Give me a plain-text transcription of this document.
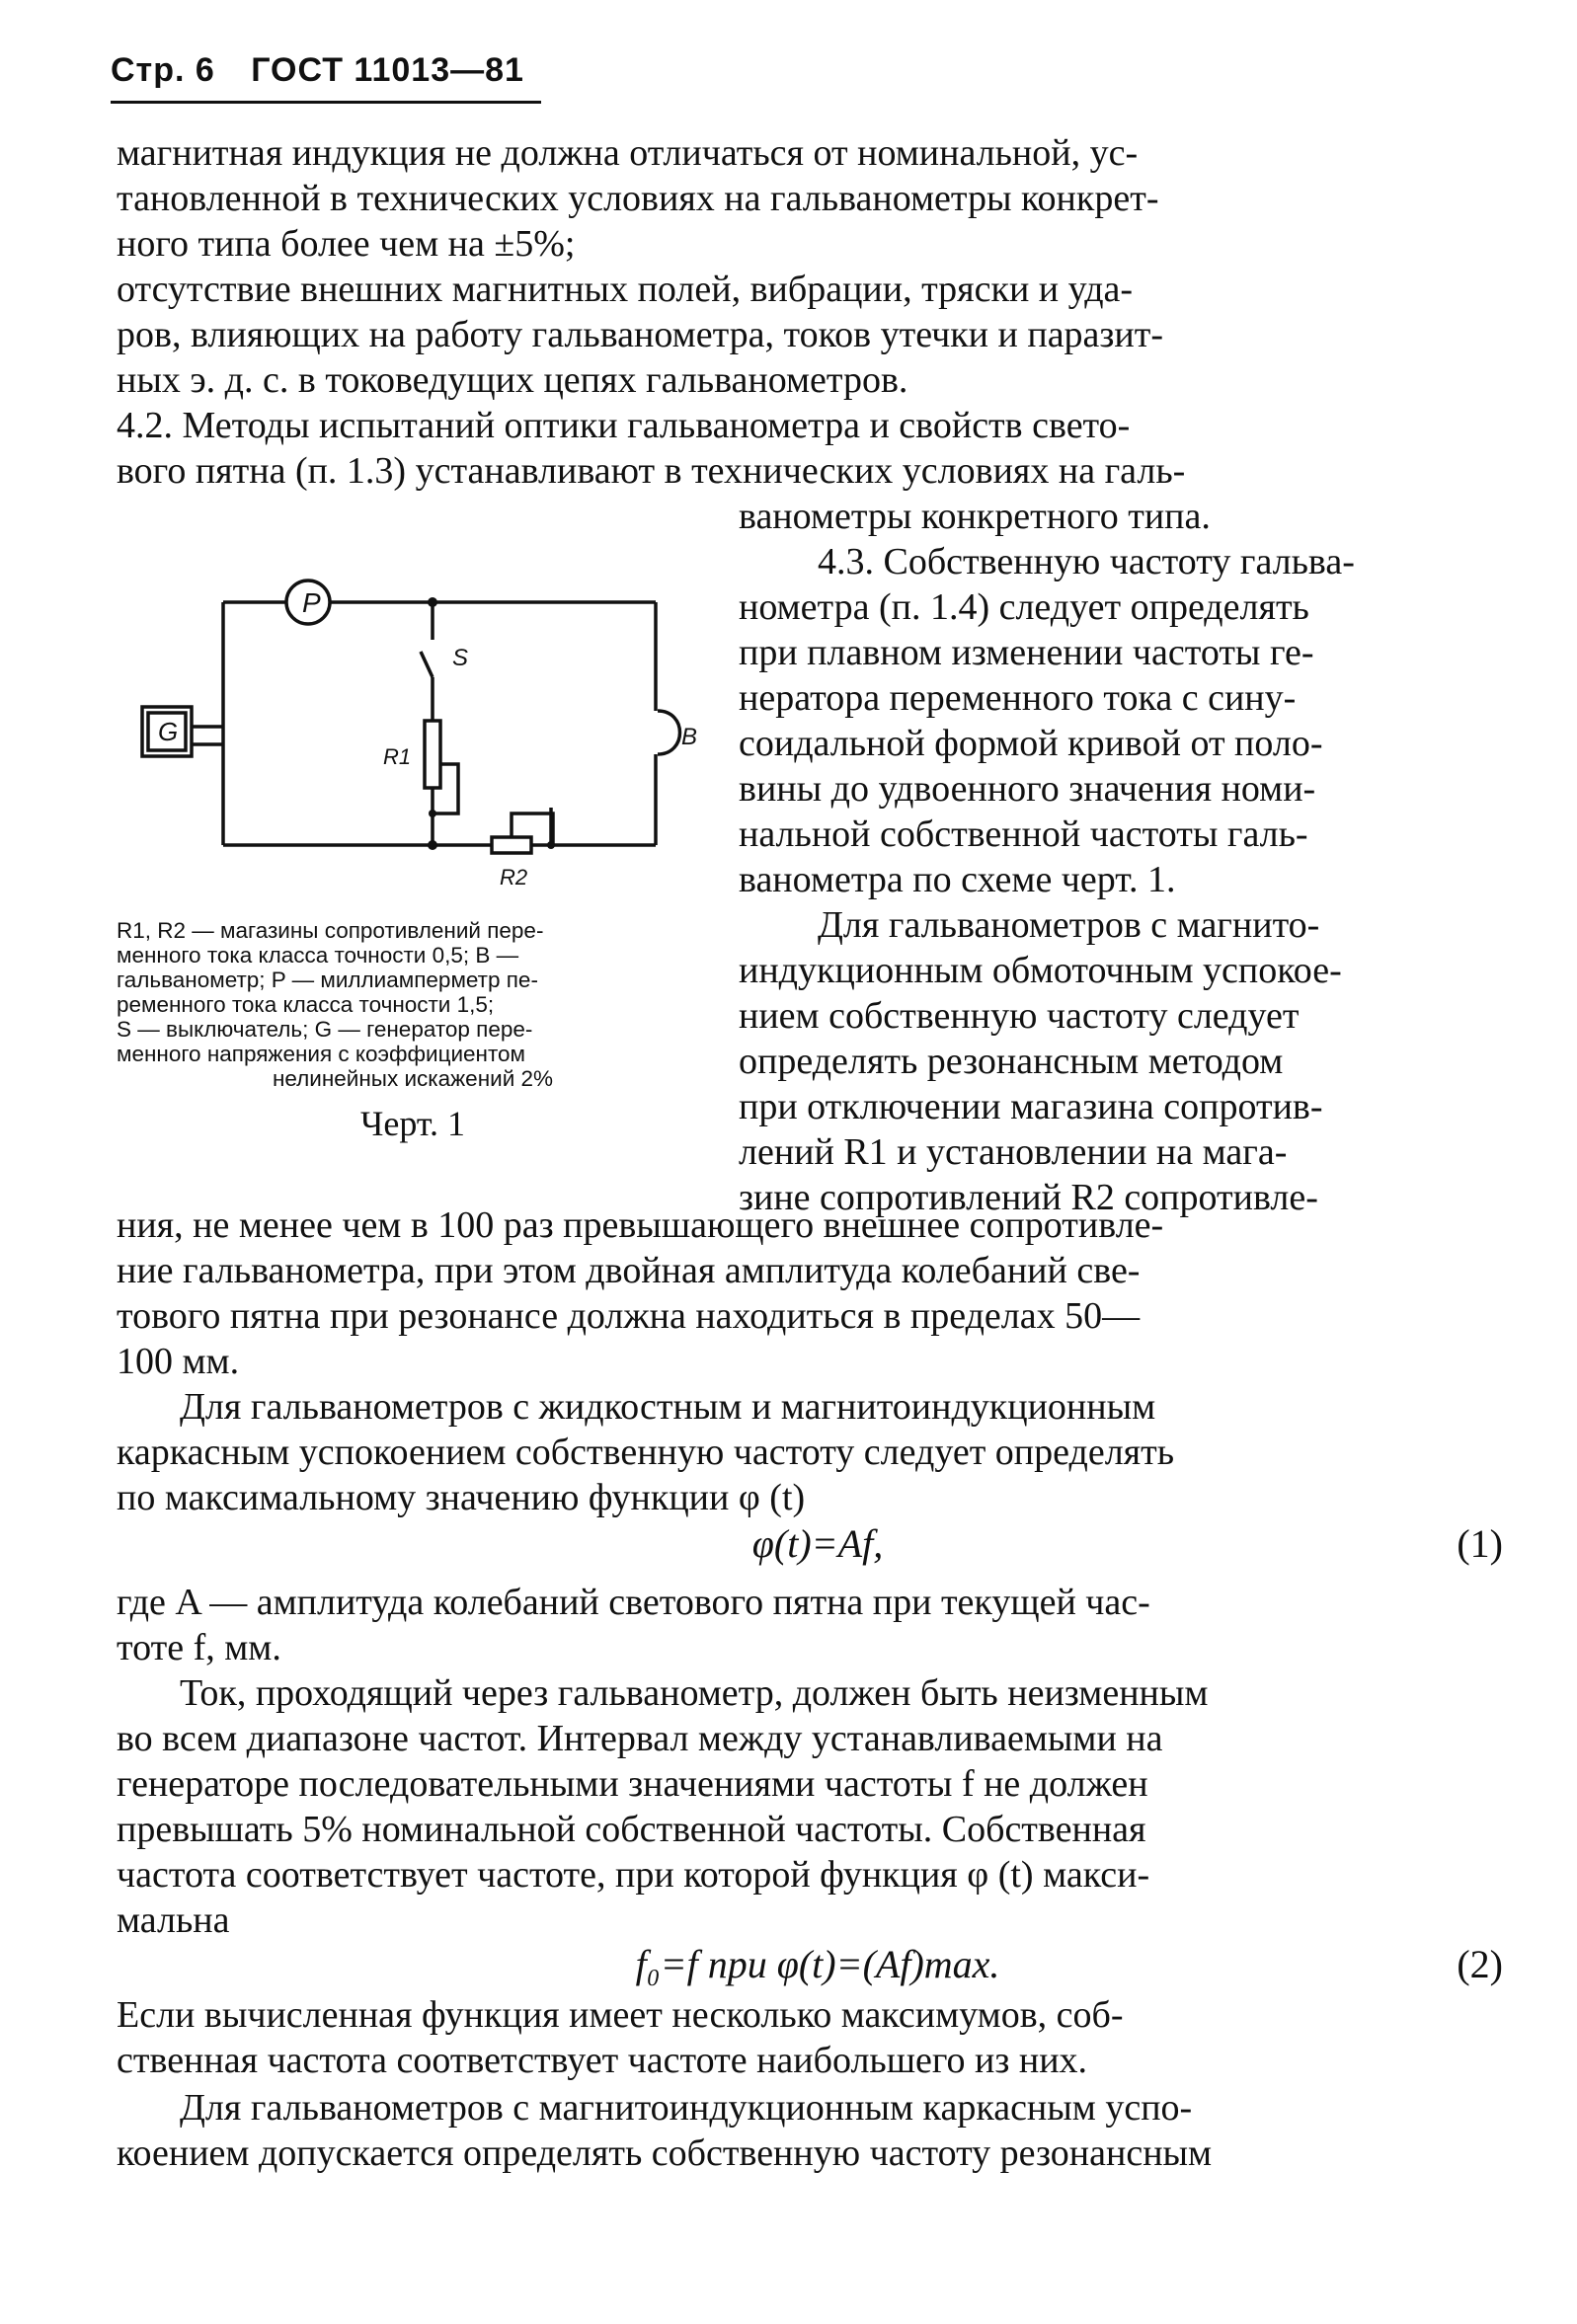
Стр. 6 ГОСТ 11013—81
магнитная индукция не должна отличаться от номинальной, ус-
тановленной в технических условиях на гальванометры конкрет-
ного типа более чем на ±5%;
отсутствие внешних магнитных полей, вибрации, тряски и уда-
ров, влияющих на работу гальванометра, токов утечки и паразит-
ных э. д. с. в токоведущих цепях гальванометров.
4.2. Методы испытаний оптики гальванометра и свойств свето-
вого пятна (п. 1.3) устанавливают в технических условиях на галь-
ванометры конкретного типа.
4.3. Собственную частоту гальва-
нометра (п. 1.4) следует определять
при плавном изменении частоты ге-
нератора переменного тока с сину-
соидальной формой кривой от поло-
вины до удвоенного значения номи-
нальной собственной частоты галь-
ванометра по схеме черт. 1.
Для гальванометров с магнито-
индукционным обмоточным успокое-
нием собственную частоту следует
определять резонансным методом
при отключении магазина сопротив-
лений R1 и установлении на мага-
зине сопротивлений R2 сопротивле-
P
S
G	B
R1
R2
R1, R2 — магазины сопротивлений пере-
менного тока класса точности 0,5; B —
гальванометр; P — миллиамперметр пе-
ременного тока класса точности 1,5;
S — выключатель; G — генератор пере-
менного напряжения с коэффициентом
нелинейных искажений 2%
Черт. 1
ния, не менее чем в 100 раз превышающего внешнее сопротивле-
ние гальванометра, при этом двойная амплитуда колебаний све-
тового пятна при резонансе должна находиться в пределах 50—
100 мм.
Для гальванометров с жидкостным и магнитоиндукционным
каркасным успокоением собственную частоту следует определять
по максимальному значению функции φ (t)
φ(t)=Af,	(1)
где A — амплитуда колебаний светового пятна при текущей час-
тоте f, мм.
Ток, проходящий через гальванометр, должен быть неизменным
во всем диапазоне частот. Интервал между устанавливаемыми на
генераторе последовательными значениями частоты f не должен
превышать 5% номинальной собственной частоты. Собственная
частота соответствует частоте, при которой функция φ (t) макси-
мальна
f₀=f при φ(t)=(Af)max.	(2)
Если вычисленная функция имеет несколько максимумов, соб-
ственная частота соответствует частоте наибольшего из них.
Для гальванометров с магнитоиндукционным каркасным успо-
коением допускается определять собственную частоту резонансным
